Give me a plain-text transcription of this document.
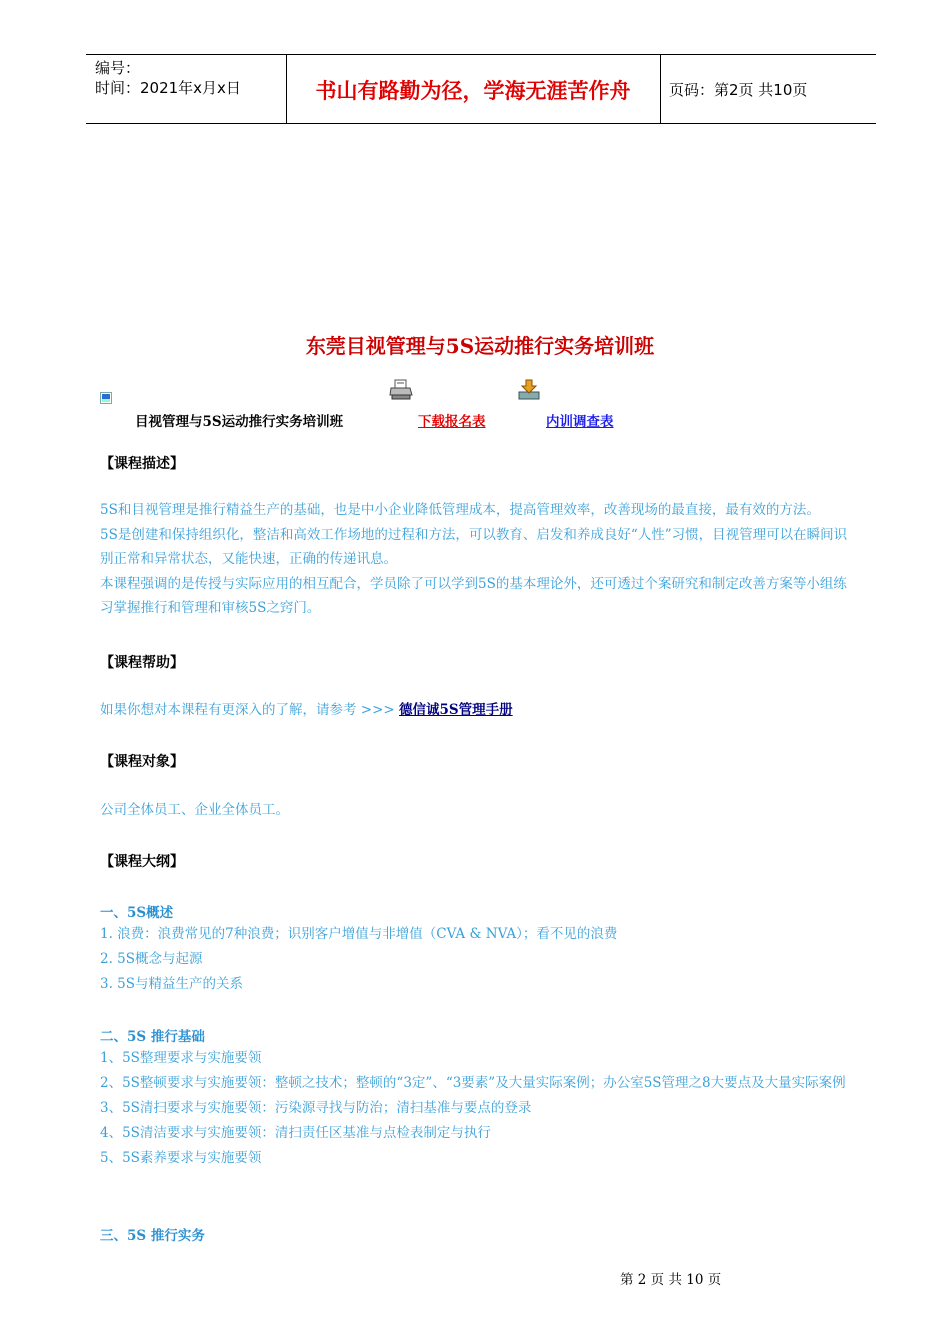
编号：
时间：2021年x月x日	书山有路勤为径，学海无涯苦作舟	页码：第2页 共10页
东莞目视管理与5S运动推行实务培训班
目视管理与5S运动推行实务培训班	下载报名表	内训调查表
【课程描述】

5S和目视管理是推行精益生产的基础，也是中小企业降低管理成本，提高管理效率，改善现场的最直接，最有效的方法。

5S是创建和保持组织化，整洁和高效工作场地的过程和方法，可以教育、启发和养成良好“人性”习惯，目视管理可以在瞬间识别正常和异常状态，又能快速，正确的传递讯息。

本课程强调的是传授与实际应用的相互配合，学员除了可以学到5S的基本理论外，还可透过个案研究和制定改善方案等小组练习掌握推行和管理和审核5S之窍门。

【课程帮助】
如果你想对本课程有更深入的了解，请参考 >>> 德信诚5S管理手册
【课程对象】
公司全体员工、企业全体员工。
【课程大纲】
一、5S概述
1. 浪费：浪费常见的7种浪费；识别客户增值与非增值（CVA & NVA）；看不见的浪费
2. 5S概念与起源
3. 5S与精益生产的关系
二、5S 推行基础
1、5S整理要求与实施要领
2、5S整顿要求与实施要领：整顿之技术；整顿的“3定”、“3要素”及大量实际案例；办公室5S管理之8大要点及大量实际案例
3、5S清扫要求与实施要领：污染源寻找与防治；清扫基准与要点的登录
4、5S清洁要求与实施要领：清扫责任区基准与点检表制定与执行
5、5S素养要求与实施要领
三、5S 推行实务
第 2 页 共 10 页
